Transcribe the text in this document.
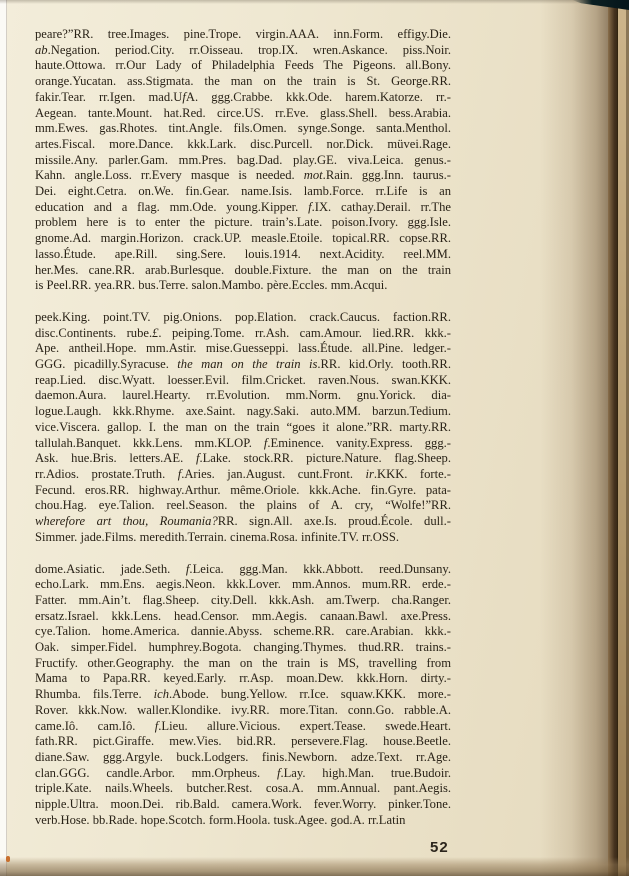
peare?”RR. tree.Images. pine.Trope. virgin.AAA. inn.Form. effigy.Die.
ab.Negation. period.City. rr.Oisseau. trop.IX. wren.Askance. piss.Noir.
haute.Ottowa. rr.Our Lady of Philadelphia Feeds The Pigeons. all.Bony.
orange.Yucatan. ass.Stigmata. the man on the train is St. George.RR.
fakir.Tear. rr.Igen. mad.UfA. ggg.Crabbe. kkk.Ode. harem.Katorze. rr.-
Aegean. tante.Mount. hat.Red. circe.US. rr.Eve. glass.Shell. bess.Arabia.
mm.Ewes. gas.Rhotes. tint.Angle. fils.Omen. synge.Songe. santa.Menthol.
artes.Fiscal. more.Dance. kkk.Lark. disc.Purcell. nor.Dick. müvei.Rage.
missile.Any. parler.Gam. mm.Pres. bag.Dad. play.GE. viva.Leica. genus.-
Kahn. angle.Loss. rr.Every masque is needed. mot.Rain. ggg.Inn. taurus.-
Dei. eight.Cetra. on.We. fin.Gear. name.Isis. lamb.Force. rr.Life is an
education and a flag. mm.Ode. young.Kipper. f.IX. cathay.Derail. rr.The
problem here is to enter the picture. train’s.Late. poison.Ivory. ggg.Isle.
gnome.Ad. margin.Horizon. crack.UP. measle.Etoile. topical.RR. copse.RR.
lasso.Étude. ape.Rill. sing.Sere. louis.1914. next.Acidity. reel.MM.
her.Mes. cane.RR. arab.Burlesque. double.Fixture. the man on the train
is Peel.RR. yea.RR. bus.Terre. salon.Mambo. père.Eccles. mm.Acqui.
peek.King. point.TV. pig.Onions. pop.Elation. crack.Caucus. faction.RR.
disc.Continents. rube.£. peiping.Tome. rr.Ash. cam.Amour. lied.RR. kkk.-
Ape. antheil.Hope. mm.Astir. mise.Guesseppi. lass.Étude. all.Pine. ledger.-
GGG. picadilly.Syracuse. the man on the train is.RR. kid.Orly. tooth.RR.
reap.Lied. disc.Wyatt. loesser.Evil. film.Cricket. raven.Nous. swan.KKK.
daemon.Aura. laurel.Hearty. rr.Evolution. mm.Norm. gnu.Yorick. dia-
logue.Laugh. kkk.Rhyme. axe.Saint. nagy.Saki. auto.MM. barzun.Tedium.
vice.Viscera. gallop. I. the man on the train “goes it alone.”RR. marty.RR.
tallulah.Banquet. kkk.Lens. mm.KLOP. f.Eminence. vanity.Express. ggg.-
Ask. hue.Bris. letters.AE. f.Lake. stock.RR. picture.Nature. flag.Sheep.
rr.Adios. prostate.Truth. f.Aries. jan.August. cunt.Front. ir.KKK. forte.-
Fecund. eros.RR. highway.Arthur. même.Oriole. kkk.Ache. fin.Gyre. pata-
chou.Hag. eye.Talion. reel.Season. the plains of A. cry, “Wolfe!”RR.
wherefore art thou, Roumania?RR. sign.All. axe.Is. proud.École. dull.-
Simmer. jade.Films. meredith.Terrain. cinema.Rosa. infinite.TV. rr.OSS.
dome.Asiatic. jade.Seth. f.Leica. ggg.Man. kkk.Abbott. reed.Dunsany.
echo.Lark. mm.Ens. aegis.Neon. kkk.Lover. mm.Annos. mum.RR. erde.-
Fatter. mm.Ain’t. flag.Sheep. city.Dell. kkk.Ash. am.Twerp. cha.Ranger.
ersatz.Israel. kkk.Lens. head.Censor. mm.Aegis. canaan.Bawl. axe.Press.
cye.Talion. home.America. dannie.Abyss. scheme.RR. care.Arabian. kkk.-
Oak. simper.Fidel. humphrey.Bogota. changing.Thymes. thud.RR. trains.-
Fructify. other.Geography. the man on the train is MS, travelling from
Mama to Papa.RR. keyed.Early. rr.Asp. moan.Dew. kkk.Horn. dirty.-
Rhumba. fils.Terre. ich.Abode. bung.Yellow. rr.Ice. squaw.KKK. more.-
Rover. kkk.Now. waller.Klondike. ivy.RR. more.Titan. conn.Go. rabble.A.
came.Iô. cam.Iô. f.Lieu. allure.Vicious. expert.Tease. swede.Heart.
fath.RR. pict.Giraffe. mew.Vies. bid.RR. persevere.Flag. house.Beetle.
diane.Saw. ggg.Argyle. buck.Lodgers. finis.Newborn. adze.Text. rr.Age.
clan.GGG. candle.Arbor. mm.Orpheus. f.Lay. high.Man. true.Budoir.
triple.Kate. nails.Wheels. butcher.Rest. cosa.A. mm.Annual. pant.Aegis.
nipple.Ultra. moon.Dei. rib.Bald. camera.Work. fever.Worry. pinker.Tone.
verb.Hose. bb.Rade. hope.Scotch. form.Hoola. tusk.Agee. god.A. rr.Latin
52
